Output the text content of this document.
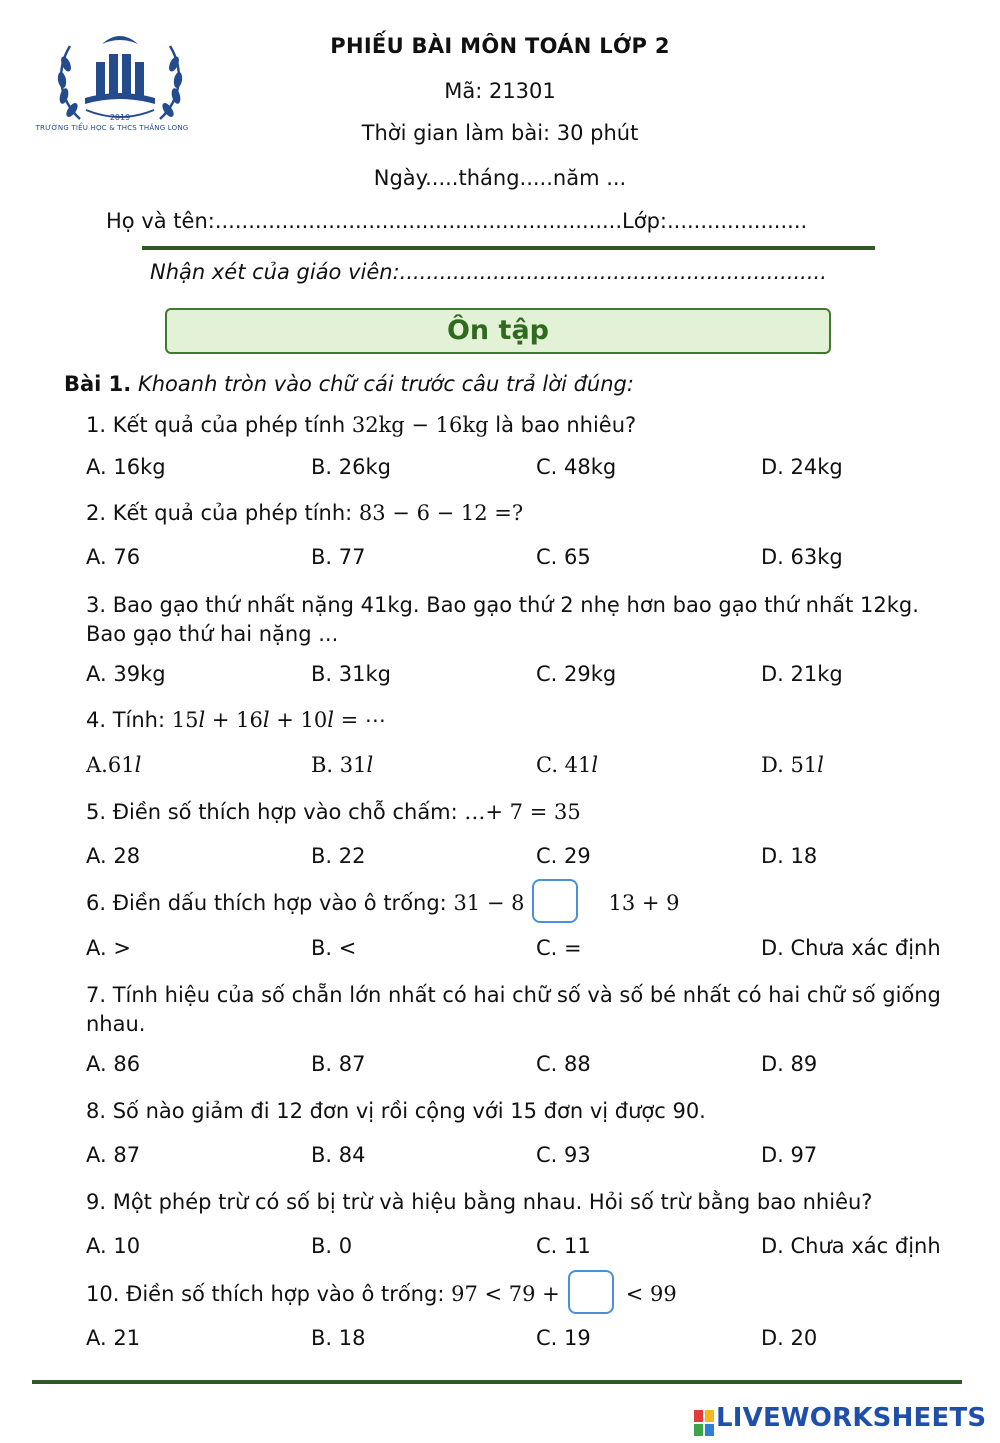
2019
TRƯỜNG TIỂU HỌC & THCS THĂNG LONG
PHIẾU BÀI MÔN TOÁN LỚP 2
Mã: 21301
Thời gian làm bài: 30 phút
Ngày.....tháng.....năm ...
Họ và tên:.............................................................Lớp:.....................
Nhận xét của giáo viên:................................................................
Ôn tập
Bài 1. Khoanh tròn vào chữ cái trước câu trả lời đúng:
1. Kết quả của phép tính 32kg − 16kg là bao nhiêu?
A. 16kg	B. 26kg	C. 48kg	D. 24kg
2. Kết quả của phép tính: 83 − 6 − 12 =?
A. 76	B. 77	C. 65	D. 63kg
3. Bao gạo thứ nhất nặng 41kg. Bao gạo thứ 2 nhẹ hơn bao gạo thứ nhất 12kg.
Bao gạo thứ hai nặng ...
A. 39kg	B. 31kg	C. 29kg	D. 21kg
4. Tính: 15𝑙 + 16𝑙 + 10𝑙 = ⋯
A.61𝑙	B. 31𝑙	C. 41𝑙	D. 51𝑙
5. Điền số thích hợp vào chỗ chấm: …+ 7 = 35
A. 28	B. 22	C. 29	D. 18
6. Điền dấu thích hợp vào ô trống: 31 − 8	13 + 9
A. >	B. <	C. =	D. Chưa xác định
7. Tính hiệu của số chẵn lớn nhất có hai chữ số và số bé nhất có hai chữ số giống
nhau.
A. 86	B. 87	C. 88	D. 89
8. Số nào giảm đi 12 đơn vị rồi cộng với 15 đơn vị được 90.
A. 87	B. 84	C. 93	D. 97
9. Một phép trừ có số bị trừ và hiệu bằng nhau. Hỏi số trừ bằng bao nhiêu?
A. 10	B. 0	C. 11	D. Chưa xác định
10. Điền số thích hợp vào ô trống: 97 < 79 +	< 99
A. 21	B. 18	C. 19	D. 20
LIVEWORKSHEETS
